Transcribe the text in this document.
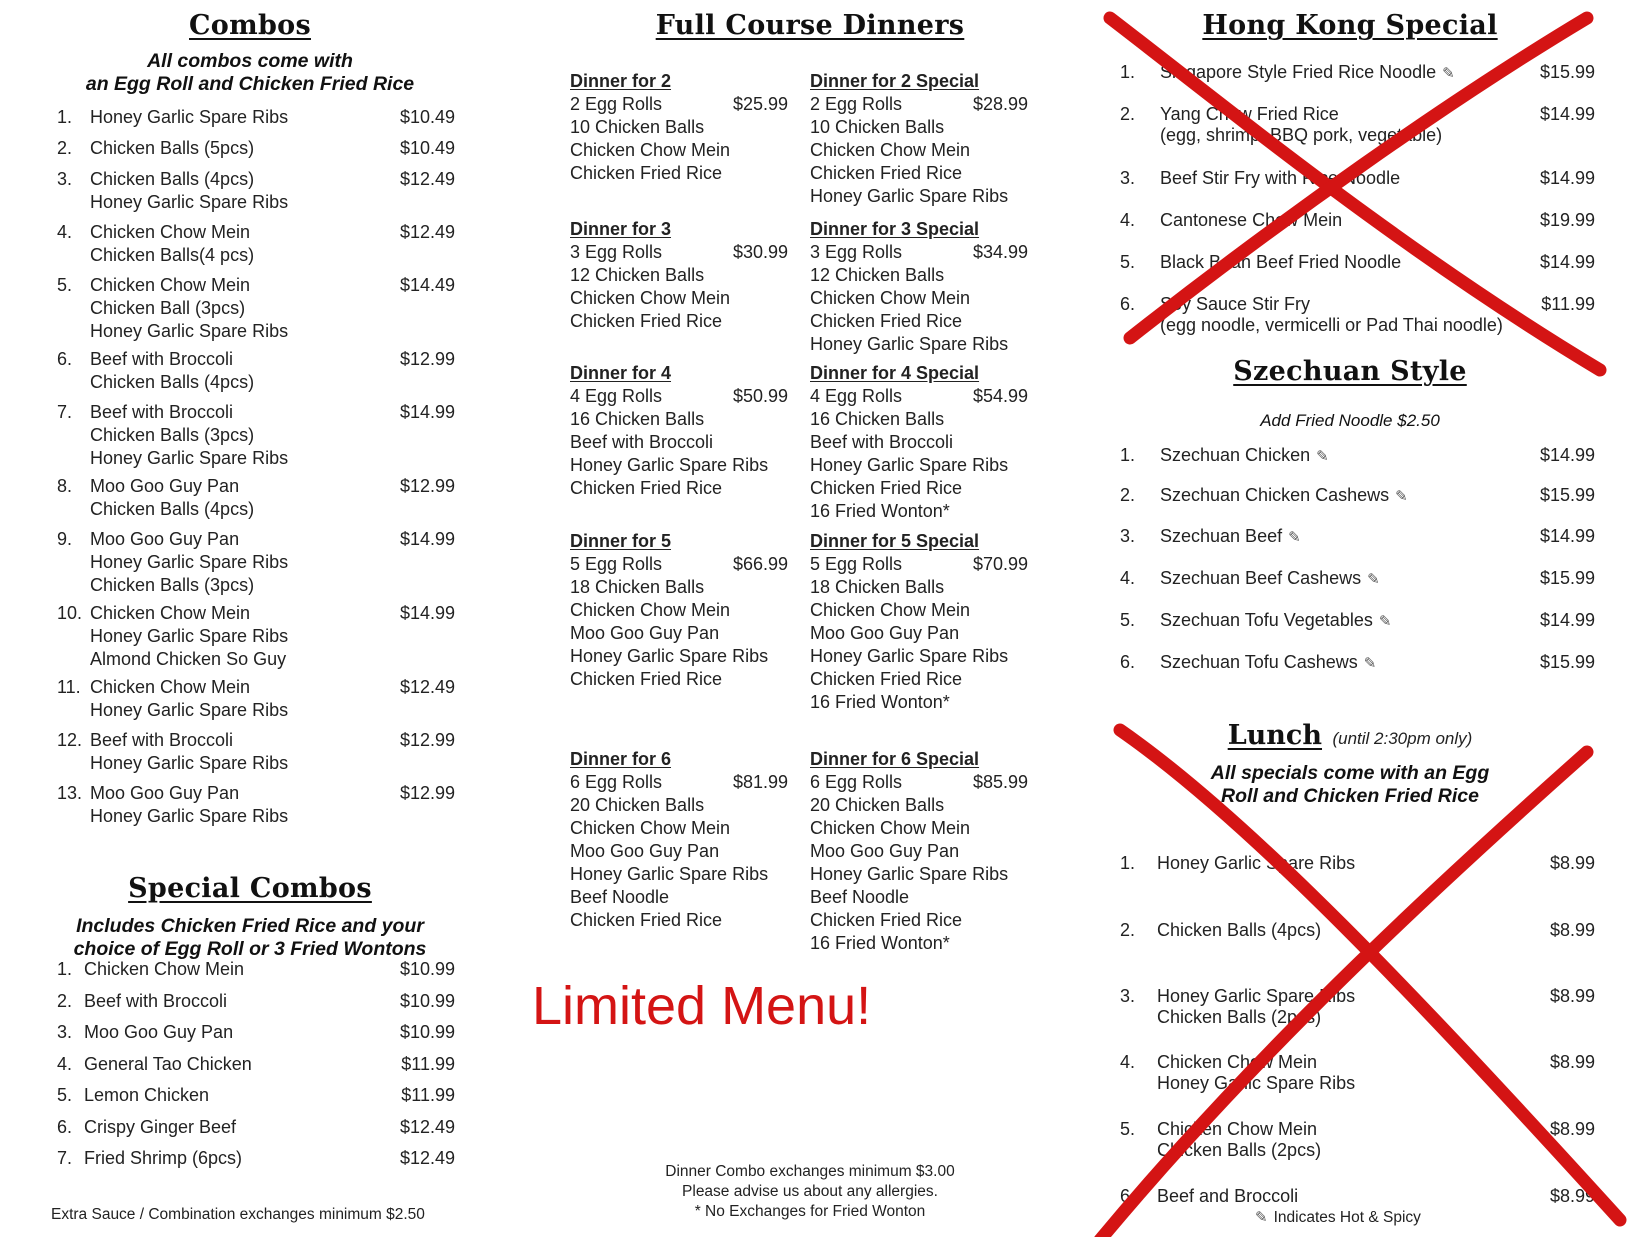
Combos
All combos come with
an Egg Roll and Chicken Fried Rice
1. Honey Garlic Spare Ribs	$10.49
2. Chicken Balls (5pcs)	$10.49
3. Chicken Balls (4pcs)
Honey Garlic Spare Ribs
$12.49
4. Chicken Chow Mein
Chicken Balls(4 pcs)
$12.49
5. Chicken Chow Mein
Chicken Ball (3pcs)
Honey Garlic Spare Ribs
$14.49
6. Beef with Broccoli
Chicken Balls (4pcs)
$12.99
7. Beef with Broccoli
Chicken Balls (3pcs)
Honey Garlic Spare Ribs
$14.99
8. Moo Goo Guy Pan
Chicken Balls (4pcs)
$12.99
9. Moo Goo Guy Pan
Honey Garlic Spare Ribs
Chicken Balls (3pcs)
$14.99
10. Chicken Chow Mein
Honey Garlic Spare Ribs
Almond Chicken So Guy
$14.99
11. Chicken Chow Mein
Honey Garlic Spare Ribs
$12.49
12. Beef with Broccoli
Honey Garlic Spare Ribs
$12.99
13. Moo Goo Guy Pan
Honey Garlic Spare Ribs
$12.99
Special Combos
Includes Chicken Fried Rice and your
choice of Egg Roll or 3 Fried Wontons
1. Chicken Chow Mein	$10.99
2. Beef with Broccoli	$10.99
3. Moo Goo Guy Pan	$10.99
4. General Tao Chicken	$11.99
5. Lemon Chicken	$11.99
6. Crispy Ginger Beef	$12.49
7. Fried Shrimp (6pcs)	$12.49
Extra Sauce / Combination exchanges minimum $2.50
Full Course Dinners
Dinner for 2
$25.99
2 Egg Rolls
10 Chicken Balls
Chicken Chow Mein
Chicken Fried Rice
Dinner for 2 Special
$28.99
2 Egg Rolls
10 Chicken Balls
Chicken Chow Mein
Chicken Fried Rice
Honey Garlic Spare Ribs
Dinner for 3
$30.99
3 Egg Rolls
12 Chicken Balls
Chicken Chow Mein
Chicken Fried Rice
Dinner for 3 Special
$34.99
3 Egg Rolls
12 Chicken Balls
Chicken Chow Mein
Chicken Fried Rice
Honey Garlic Spare Ribs
Dinner for 4
$50.99
4 Egg Rolls
16 Chicken Balls
Beef with Broccoli
Honey Garlic Spare Ribs
Chicken Fried Rice
Dinner for 4 Special
$54.99
4 Egg Rolls
16 Chicken Balls
Beef with Broccoli
Honey Garlic Spare Ribs
Chicken Fried Rice
16 Fried Wonton*
Dinner for 5
$66.99
5 Egg Rolls
18 Chicken Balls
Chicken Chow Mein
Moo Goo Guy Pan
Honey Garlic Spare Ribs
Chicken Fried Rice
Dinner for 5 Special
$70.99
5 Egg Rolls
18 Chicken Balls
Chicken Chow Mein
Moo Goo Guy Pan
Honey Garlic Spare Ribs
Chicken Fried Rice
16 Fried Wonton*
Dinner for 6
$81.99
6 Egg Rolls
20 Chicken Balls
Chicken Chow Mein
Moo Goo Guy Pan
Honey Garlic Spare Ribs
Beef Noodle
Chicken Fried Rice
Dinner for 6 Special
$85.99
6 Egg Rolls
20 Chicken Balls
Chicken Chow Mein
Moo Goo Guy Pan
Honey Garlic Spare Ribs
Beef Noodle
Chicken Fried Rice
16 Fried Wonton*
Dinner Combo exchanges minimum $3.00
Please advise us about any allergies.
* No Exchanges for Fried Wonton
Limited Menu!
Hong Kong Special
1. Singapore Style Fried Rice Noodle ✎	$15.99
2. Yang Chow Fried Rice
(egg, shrimp, BBQ pork, vegetable)
$14.99
3. Beef Stir Fry with Rice Noodle	$14.99
4. Cantonese Chow Mein	$19.99
5. Black Bean Beef Fried Noodle	$14.99
6. Soy Sauce Stir Fry
(egg noodle, vermicelli or Pad Thai noodle)
$11.99
Szechuan Style
Add Fried Noodle $2.50
1. Szechuan Chicken ✎	$14.99
2. Szechuan Chicken Cashews ✎	$15.99
3. Szechuan Beef ✎	$14.99
4. Szechuan Beef Cashews ✎	$15.99
5. Szechuan Tofu Vegetables ✎	$14.99
6. Szechuan Tofu Cashews ✎	$15.99
Lunch (until 2:30pm only)
All specials come with an Egg
Roll and Chicken Fried Rice
1. Honey Garlic Spare Ribs	$8.99
2. Chicken Balls (4pcs)	$8.99
3. Honey Garlic Spare Ribs
Chicken Balls (2pcs)
$8.99
4. Chicken Chow Mein
Honey Garlic Spare Ribs
$8.99
5. Chicken Chow Mein
Chicken Balls (2pcs)
$8.99
6. Beef and Broccoli	$8.99
✎ Indicates Hot & Spicy
